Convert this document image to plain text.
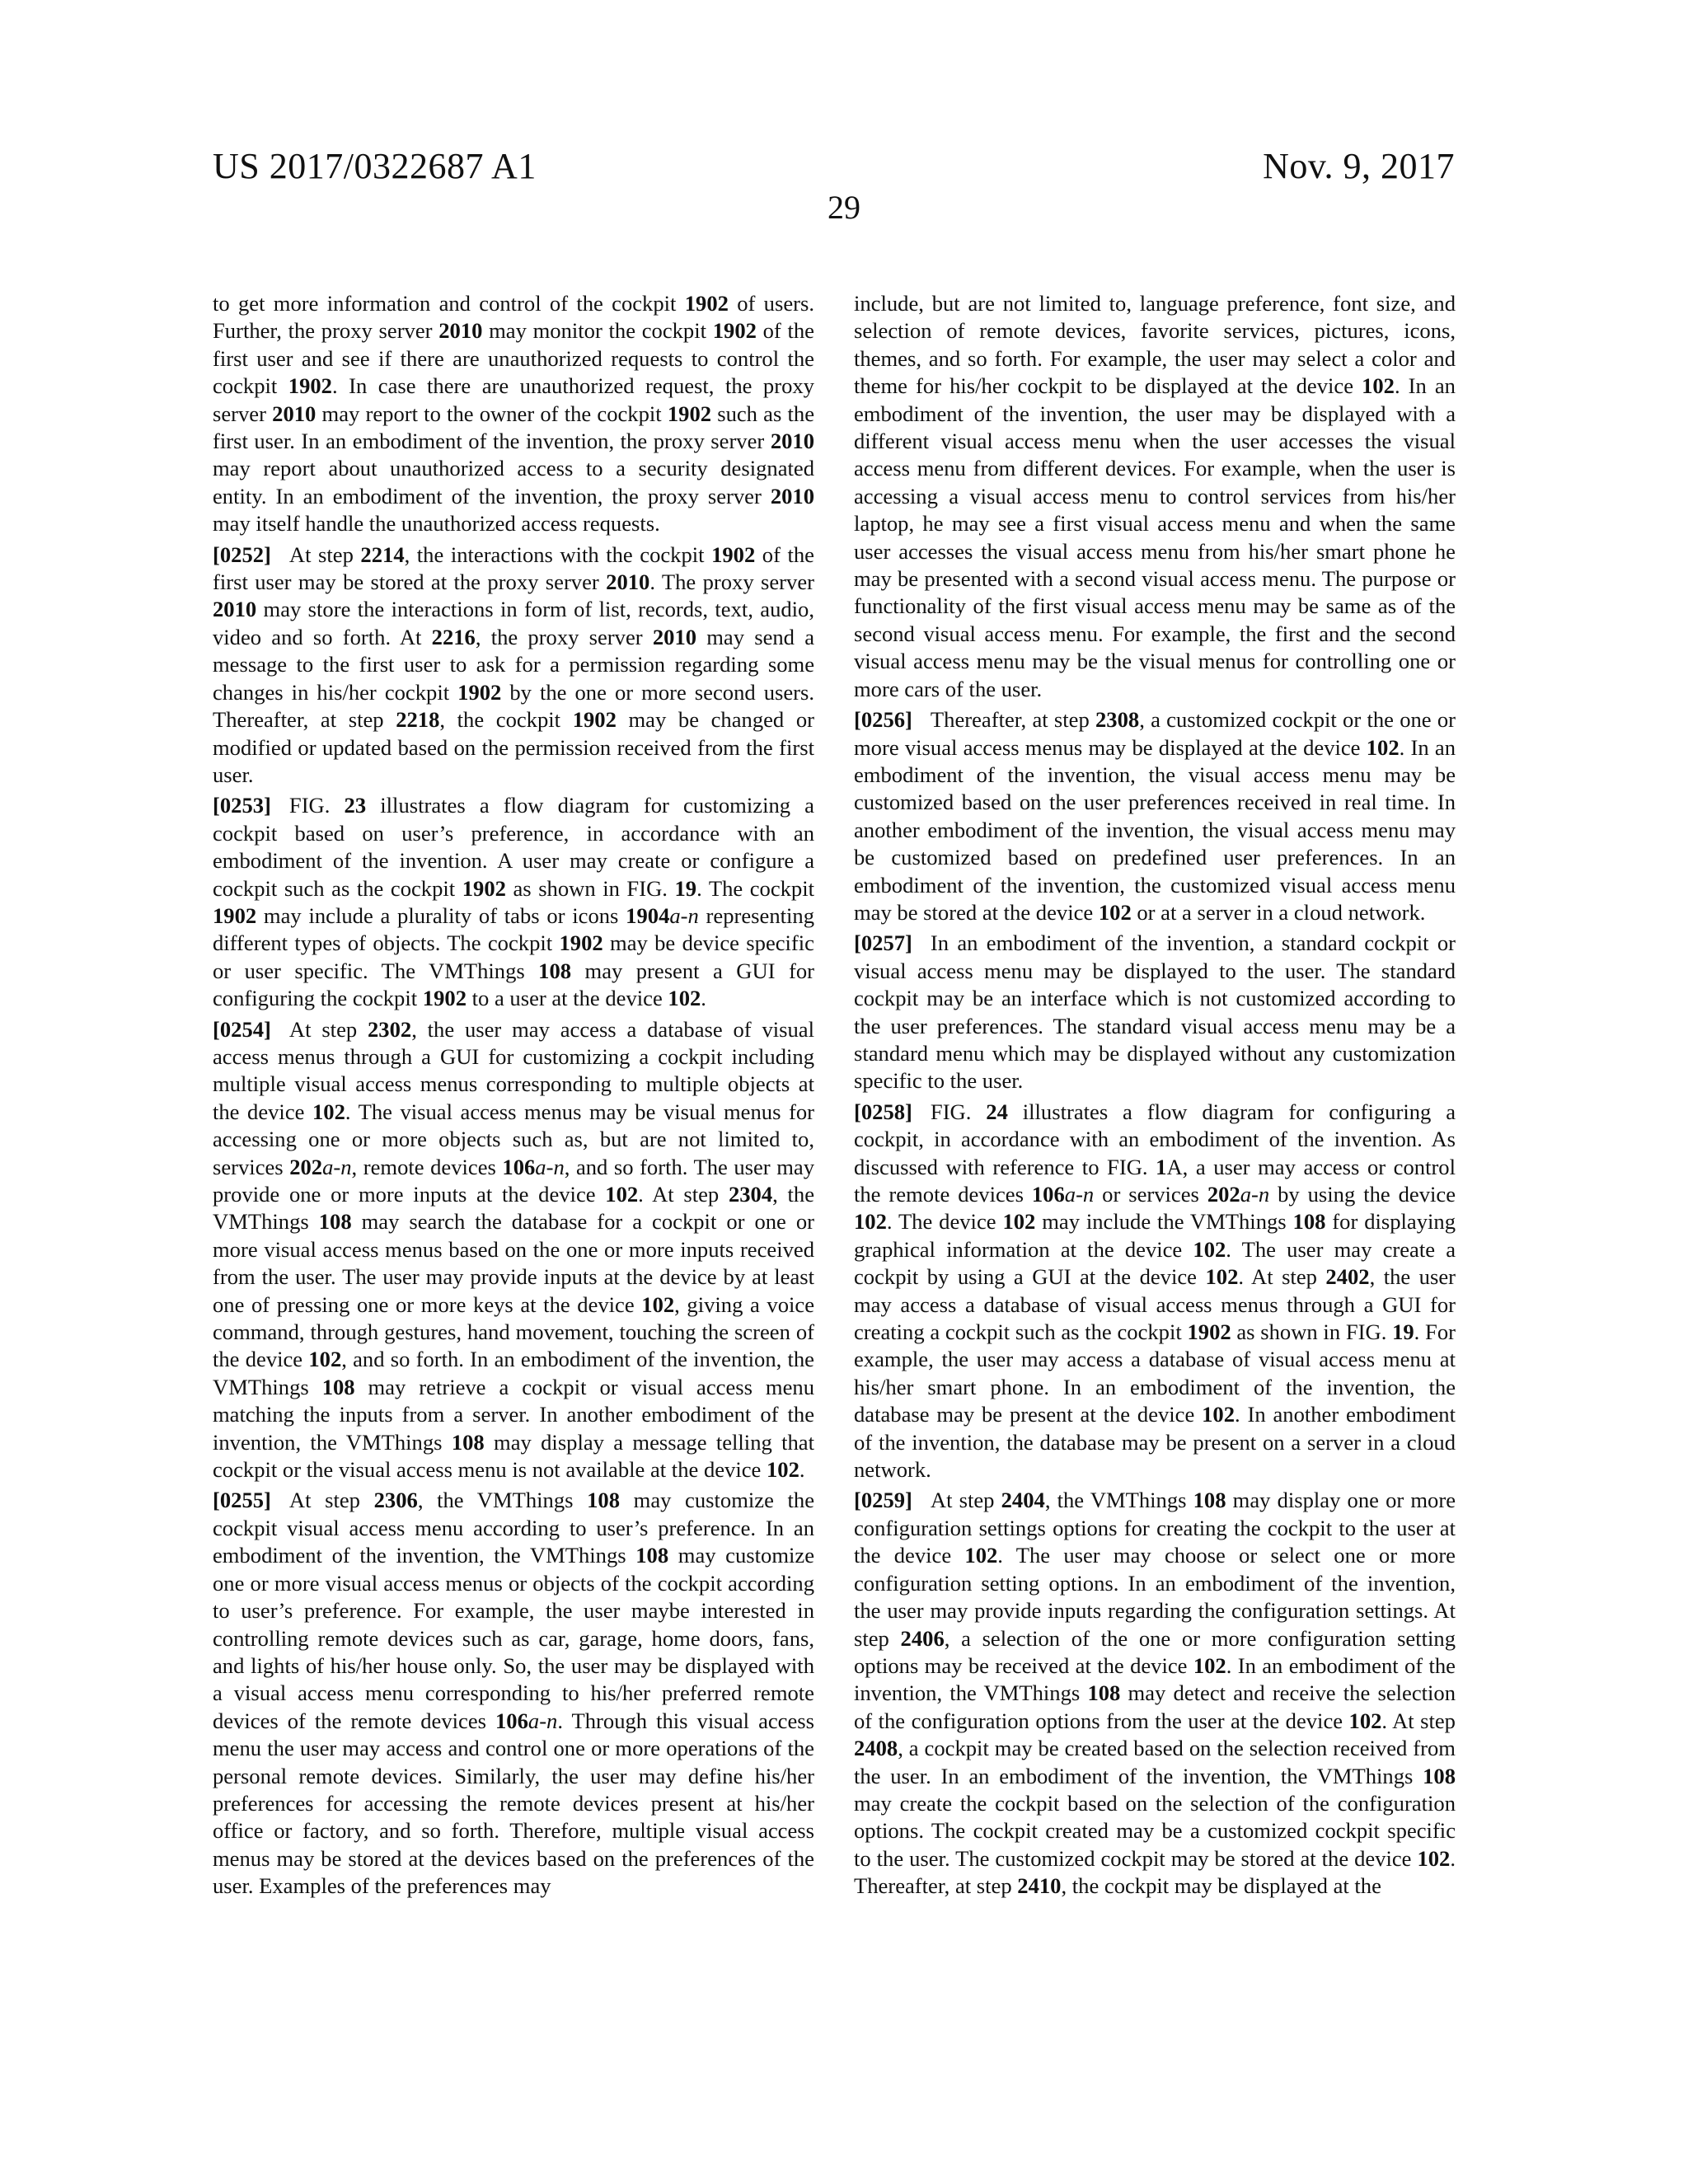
US 2017/0322687 A1	Nov. 9, 2017
29

to get more information and control of the cockpit 1902 of users. Further, the proxy server 2010 may monitor the cockpit 1902 of the first user and see if there are unauthorized requests to control the cockpit 1902. In case there are unauthorized request, the proxy server 2010 may report to the owner of the cockpit 1902 such as the first user. In an embodiment of the invention, the proxy server 2010 may report about unauthorized access to a security designated entity. In an embodiment of the invention, the proxy server 2010 may itself handle the unauthorized access requests.

[0252] At step 2214, the interactions with the cockpit 1902 of the first user may be stored at the proxy server 2010. The proxy server 2010 may store the interactions in form of list, records, text, audio, video and so forth. At 2216, the proxy server 2010 may send a message to the first user to ask for a permission regarding some changes in his/her cockpit 1902 by the one or more second users. Thereafter, at step 2218, the cockpit 1902 may be changed or modified or updated based on the permission received from the first user.

[0253] FIG. 23 illustrates a flow diagram for customizing a cockpit based on user’s preference, in accordance with an embodiment of the invention. A user may create or configure a cockpit such as the cockpit 1902 as shown in FIG. 19. The cockpit 1902 may include a plurality of tabs or icons 1904a-n representing different types of objects. The cockpit 1902 may be device specific or user specific. The VMThings 108 may present a GUI for configuring the cockpit 1902 to a user at the device 102.

[0254] At step 2302, the user may access a database of visual access menus through a GUI for customizing a cockpit including multiple visual access menus corresponding to multiple objects at the device 102. The visual access menus may be visual menus for accessing one or more objects such as, but are not limited to, services 202a-n, remote devices 106a-n, and so forth. The user may provide one or more inputs at the device 102. At step 2304, the VMThings 108 may search the database for a cockpit or one or more visual access menus based on the one or more inputs received from the user. The user may provide inputs at the device by at least one of pressing one or more keys at the device 102, giving a voice command, through gestures, hand movement, touching the screen of the device 102, and so forth. In an embodiment of the invention, the VMThings 108 may retrieve a cockpit or visual access menu matching the inputs from a server. In another embodiment of the invention, the VMThings 108 may display a message telling that cockpit or the visual access menu is not available at the device 102.

[0255] At step 2306, the VMThings 108 may customize the cockpit visual access menu according to user’s preference. In an embodiment of the invention, the VMThings 108 may customize one or more visual access menus or objects of the cockpit according to user’s preference. For example, the user maybe interested in controlling remote devices such as car, garage, home doors, fans, and lights of his/her house only. So, the user may be displayed with a visual access menu corresponding to his/her preferred remote devices of the remote devices 106a-n. Through this visual access menu the user may access and control one or more operations of the personal remote devices. Similarly, the user may define his/her preferences for accessing the remote devices present at his/her office or factory, and so forth. Therefore, multiple visual access menus may be stored at the devices based on the preferences of the user. Examples of the preferences may

include, but are not limited to, language preference, font size, and selection of remote devices, favorite services, pictures, icons, themes, and so forth. For example, the user may select a color and theme for his/her cockpit to be displayed at the device 102. In an embodiment of the invention, the user may be displayed with a different visual access menu when the user accesses the visual access menu from different devices. For example, when the user is accessing a visual access menu to control services from his/her laptop, he may see a first visual access menu and when the same user accesses the visual access menu from his/her smart phone he may be presented with a second visual access menu. The purpose or functionality of the first visual access menu may be same as of the second visual access menu. For example, the first and the second visual access menu may be the visual menus for controlling one or more cars of the user.

[0256] Thereafter, at step 2308, a customized cockpit or the one or more visual access menus may be displayed at the device 102. In an embodiment of the invention, the visual access menu may be customized based on the user preferences received in real time. In another embodiment of the invention, the visual access menu may be customized based on predefined user preferences. In an embodiment of the invention, the customized visual access menu may be stored at the device 102 or at a server in a cloud network.

[0257] In an embodiment of the invention, a standard cockpit or visual access menu may be displayed to the user. The standard cockpit may be an interface which is not customized according to the user preferences. The standard visual access menu may be a standard menu which may be displayed without any customization specific to the user.

[0258] FIG. 24 illustrates a flow diagram for configuring a cockpit, in accordance with an embodiment of the invention. As discussed with reference to FIG. 1A, a user may access or control the remote devices 106a-n or services 202a-n by using the device 102. The device 102 may include the VMThings 108 for displaying graphical information at the device 102. The user may create a cockpit by using a GUI at the device 102. At step 2402, the user may access a database of visual access menus through a GUI for creating a cockpit such as the cockpit 1902 as shown in FIG. 19. For example, the user may access a database of visual access menu at his/her smart phone. In an embodiment of the invention, the database may be present at the device 102. In another embodiment of the invention, the database may be present on a server in a cloud network.

[0259] At step 2404, the VMThings 108 may display one or more configuration settings options for creating the cockpit to the user at the device 102. The user may choose or select one or more configuration setting options. In an embodiment of the invention, the user may provide inputs regarding the configuration settings. At step 2406, a selection of the one or more configuration setting options may be received at the device 102. In an embodiment of the invention, the VMThings 108 may detect and receive the selection of the configuration options from the user at the device 102. At step 2408, a cockpit may be created based on the selection received from the user. In an embodiment of the invention, the VMThings 108 may create the cockpit based on the selection of the configuration options. The cockpit created may be a customized cockpit specific to the user. The customized cockpit may be stored at the device 102. Thereafter, at step 2410, the cockpit may be displayed at the
